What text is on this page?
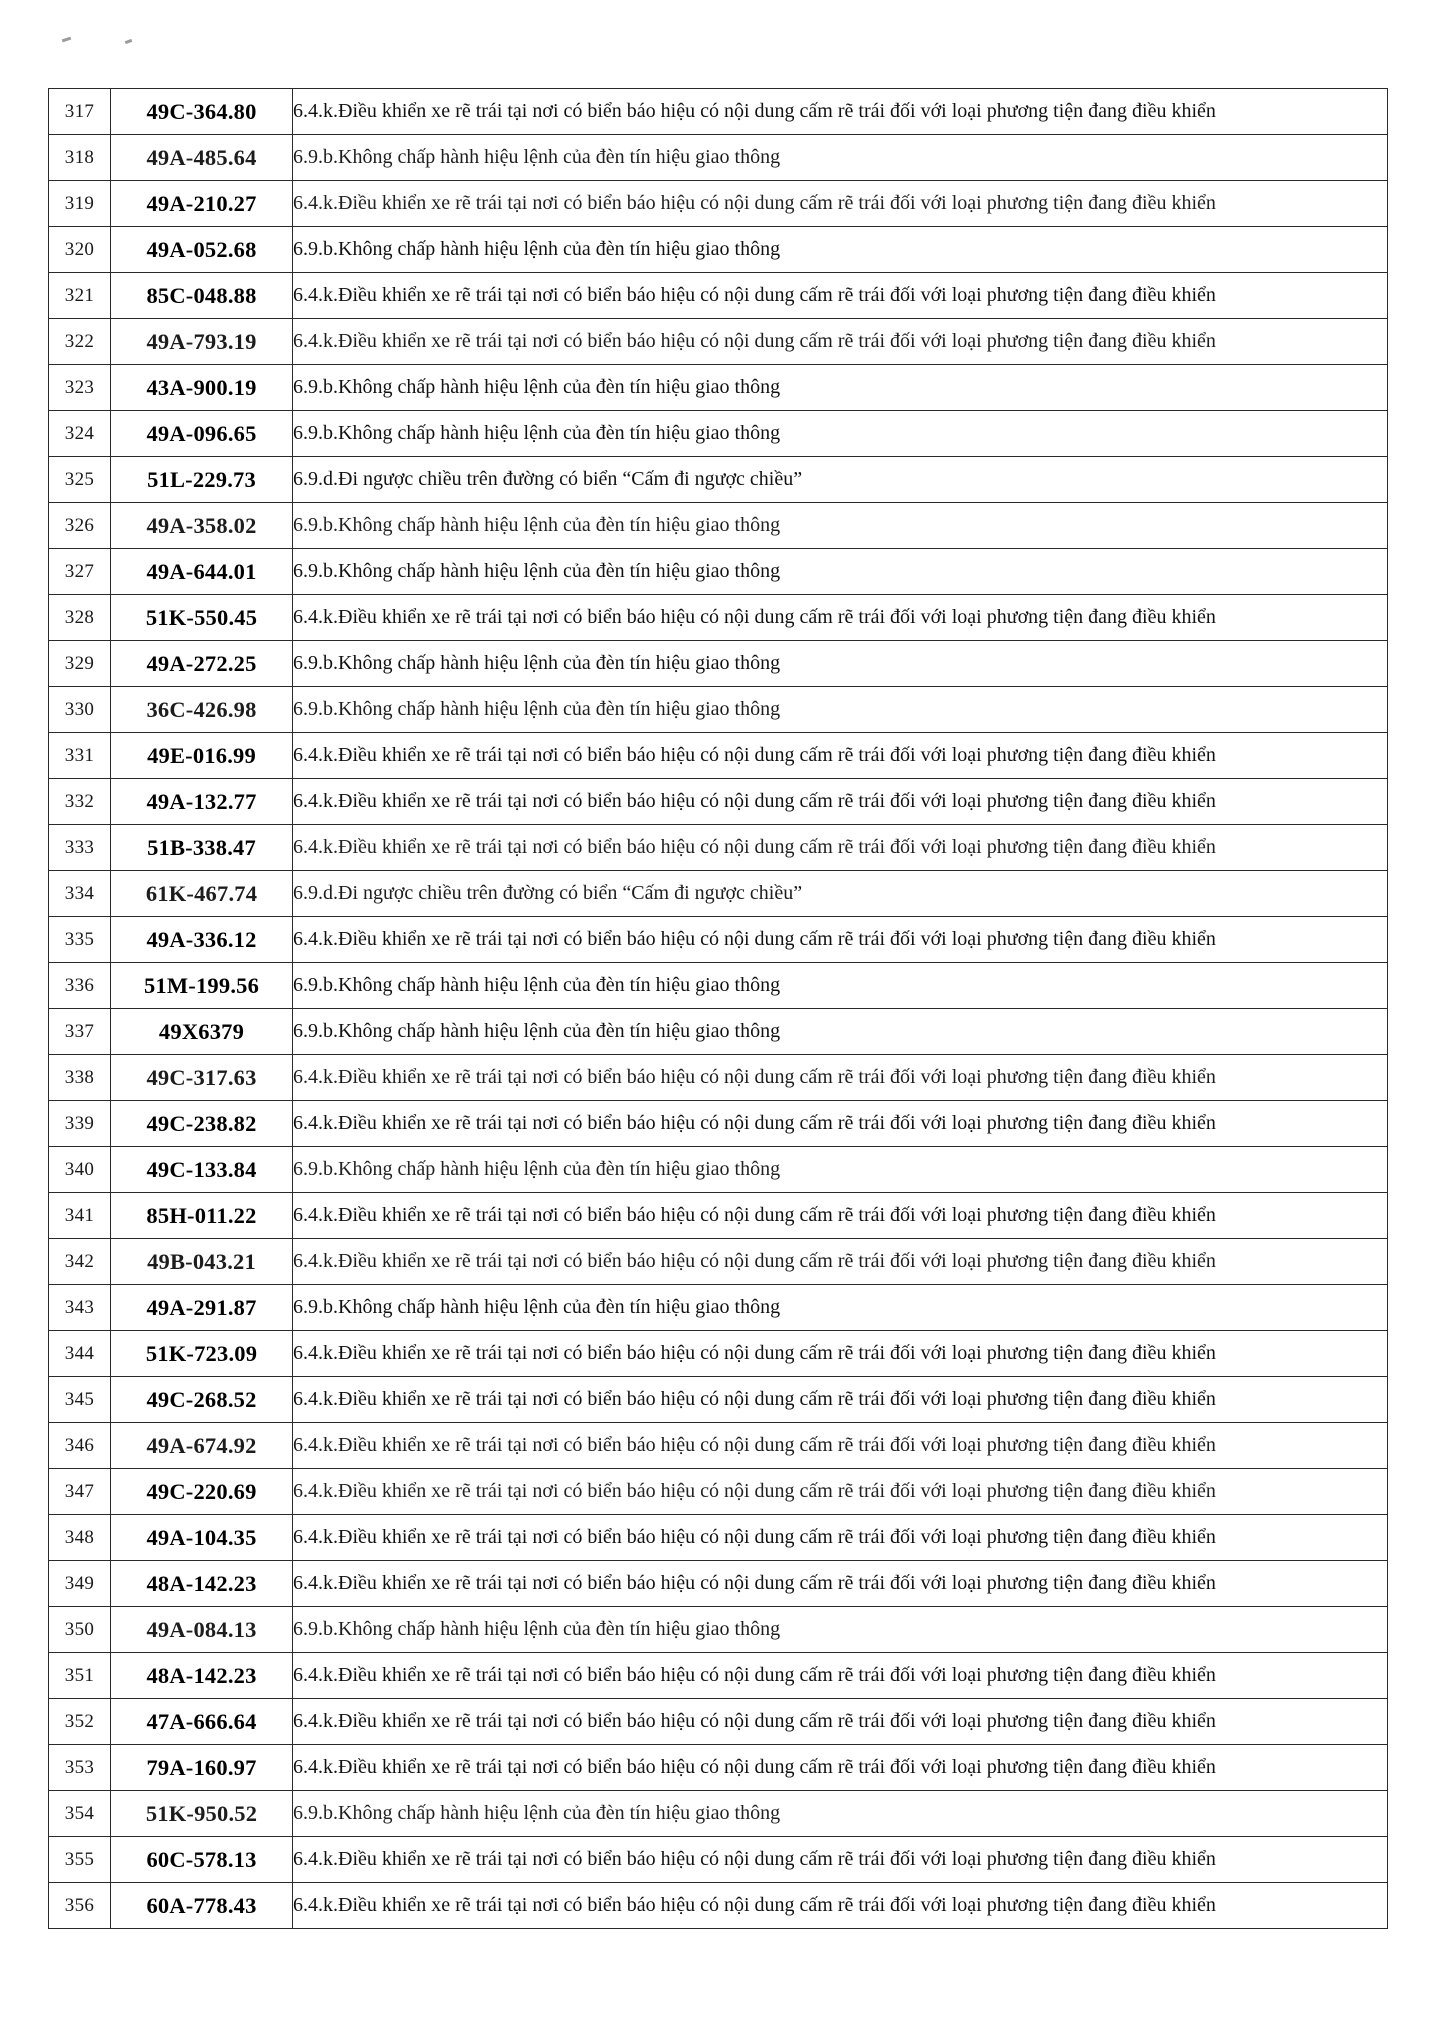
317	49C-364.80	6.4.k.Điều khiển xe rẽ trái tại nơi có biển báo hiệu có nội dung cấm rẽ trái đối với loại phương tiện đang điều khiển
318	49A-485.64	6.9.b.Không chấp hành hiệu lệnh của đèn tín hiệu giao thông
319	49A-210.27	6.4.k.Điều khiển xe rẽ trái tại nơi có biển báo hiệu có nội dung cấm rẽ trái đối với loại phương tiện đang điều khiển
320	49A-052.68	6.9.b.Không chấp hành hiệu lệnh của đèn tín hiệu giao thông
321	85C-048.88	6.4.k.Điều khiển xe rẽ trái tại nơi có biển báo hiệu có nội dung cấm rẽ trái đối với loại phương tiện đang điều khiển
322	49A-793.19	6.4.k.Điều khiển xe rẽ trái tại nơi có biển báo hiệu có nội dung cấm rẽ trái đối với loại phương tiện đang điều khiển
323	43A-900.19	6.9.b.Không chấp hành hiệu lệnh của đèn tín hiệu giao thông
324	49A-096.65	6.9.b.Không chấp hành hiệu lệnh của đèn tín hiệu giao thông
325	51L-229.73	6.9.d.Đi ngược chiều trên đường có biển “Cấm đi ngược chiều”
326	49A-358.02	6.9.b.Không chấp hành hiệu lệnh của đèn tín hiệu giao thông
327	49A-644.01	6.9.b.Không chấp hành hiệu lệnh của đèn tín hiệu giao thông
328	51K-550.45	6.4.k.Điều khiển xe rẽ trái tại nơi có biển báo hiệu có nội dung cấm rẽ trái đối với loại phương tiện đang điều khiển
329	49A-272.25	6.9.b.Không chấp hành hiệu lệnh của đèn tín hiệu giao thông
330	36C-426.98	6.9.b.Không chấp hành hiệu lệnh của đèn tín hiệu giao thông
331	49E-016.99	6.4.k.Điều khiển xe rẽ trái tại nơi có biển báo hiệu có nội dung cấm rẽ trái đối với loại phương tiện đang điều khiển
332	49A-132.77	6.4.k.Điều khiển xe rẽ trái tại nơi có biển báo hiệu có nội dung cấm rẽ trái đối với loại phương tiện đang điều khiển
333	51B-338.47	6.4.k.Điều khiển xe rẽ trái tại nơi có biển báo hiệu có nội dung cấm rẽ trái đối với loại phương tiện đang điều khiển
334	61K-467.74	6.9.d.Đi ngược chiều trên đường có biển “Cấm đi ngược chiều”
335	49A-336.12	6.4.k.Điều khiển xe rẽ trái tại nơi có biển báo hiệu có nội dung cấm rẽ trái đối với loại phương tiện đang điều khiển
336	51M-199.56	6.9.b.Không chấp hành hiệu lệnh của đèn tín hiệu giao thông
337	49X6379	6.9.b.Không chấp hành hiệu lệnh của đèn tín hiệu giao thông
338	49C-317.63	6.4.k.Điều khiển xe rẽ trái tại nơi có biển báo hiệu có nội dung cấm rẽ trái đối với loại phương tiện đang điều khiển
339	49C-238.82	6.4.k.Điều khiển xe rẽ trái tại nơi có biển báo hiệu có nội dung cấm rẽ trái đối với loại phương tiện đang điều khiển
340	49C-133.84	6.9.b.Không chấp hành hiệu lệnh của đèn tín hiệu giao thông
341	85H-011.22	6.4.k.Điều khiển xe rẽ trái tại nơi có biển báo hiệu có nội dung cấm rẽ trái đối với loại phương tiện đang điều khiển
342	49B-043.21	6.4.k.Điều khiển xe rẽ trái tại nơi có biển báo hiệu có nội dung cấm rẽ trái đối với loại phương tiện đang điều khiển
343	49A-291.87	6.9.b.Không chấp hành hiệu lệnh của đèn tín hiệu giao thông
344	51K-723.09	6.4.k.Điều khiển xe rẽ trái tại nơi có biển báo hiệu có nội dung cấm rẽ trái đối với loại phương tiện đang điều khiển
345	49C-268.52	6.4.k.Điều khiển xe rẽ trái tại nơi có biển báo hiệu có nội dung cấm rẽ trái đối với loại phương tiện đang điều khiển
346	49A-674.92	6.4.k.Điều khiển xe rẽ trái tại nơi có biển báo hiệu có nội dung cấm rẽ trái đối với loại phương tiện đang điều khiển
347	49C-220.69	6.4.k.Điều khiển xe rẽ trái tại nơi có biển báo hiệu có nội dung cấm rẽ trái đối với loại phương tiện đang điều khiển
348	49A-104.35	6.4.k.Điều khiển xe rẽ trái tại nơi có biển báo hiệu có nội dung cấm rẽ trái đối với loại phương tiện đang điều khiển
349	48A-142.23	6.4.k.Điều khiển xe rẽ trái tại nơi có biển báo hiệu có nội dung cấm rẽ trái đối với loại phương tiện đang điều khiển
350	49A-084.13	6.9.b.Không chấp hành hiệu lệnh của đèn tín hiệu giao thông
351	48A-142.23	6.4.k.Điều khiển xe rẽ trái tại nơi có biển báo hiệu có nội dung cấm rẽ trái đối với loại phương tiện đang điều khiển
352	47A-666.64	6.4.k.Điều khiển xe rẽ trái tại nơi có biển báo hiệu có nội dung cấm rẽ trái đối với loại phương tiện đang điều khiển
353	79A-160.97	6.4.k.Điều khiển xe rẽ trái tại nơi có biển báo hiệu có nội dung cấm rẽ trái đối với loại phương tiện đang điều khiển
354	51K-950.52	6.9.b.Không chấp hành hiệu lệnh của đèn tín hiệu giao thông
355	60C-578.13	6.4.k.Điều khiển xe rẽ trái tại nơi có biển báo hiệu có nội dung cấm rẽ trái đối với loại phương tiện đang điều khiển
356	60A-778.43	6.4.k.Điều khiển xe rẽ trái tại nơi có biển báo hiệu có nội dung cấm rẽ trái đối với loại phương tiện đang điều khiển
